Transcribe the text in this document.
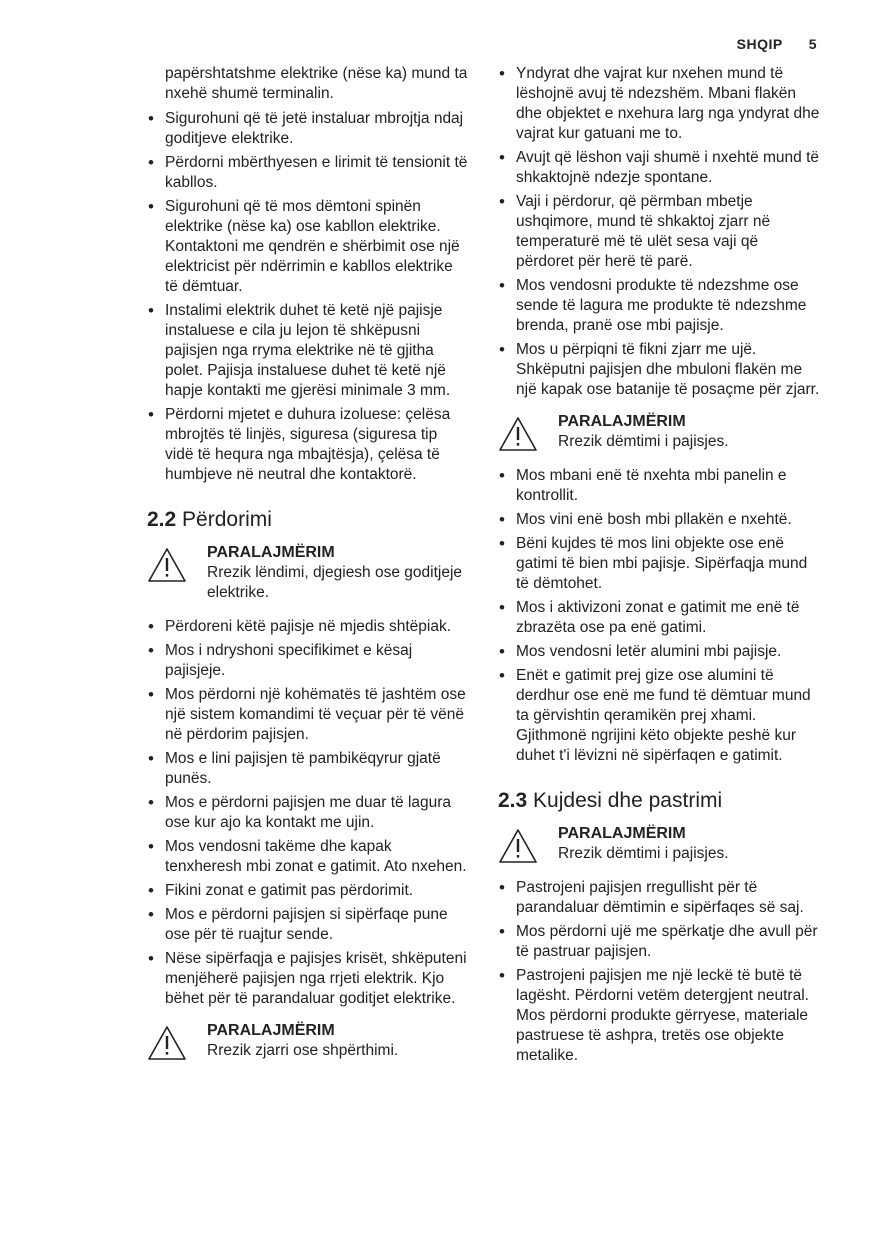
SHQIP 5

papërshtatshme elektrike (nëse ka) mund ta nxehë shumë terminalin.

• Sigurohuni që të jetë instaluar mbrojtja ndaj goditjeve elektrike.
• Përdorni mbërthyesen e lirimit të tensionit të kabllos.
• Sigurohuni që të mos dëmtoni spinën elektrike (nëse ka) ose kabllon elektrike. Kontaktoni me qendrën e shërbimit ose një elektricist për ndërrimin e kabllos elektrike të dëmtuar.
• Instalimi elektrik duhet të ketë një pajisje instaluese e cila ju lejon të shkëpusni pajisjen nga rryma elektrike në të gjitha polet. Pajisja instaluese duhet të ketë një hapje kontakti me gjerësi minimale 3 mm.
• Përdorni mjetet e duhura izoluese: çelësa mbrojtës të linjës, siguresa (siguresa tip vidë të hequra nga mbajtësja), çelësa të humbjeve në neutral dhe kontaktorë.
2.2 Përdorimi
PARALAJMËRIM
Rrezik lëndimi, djegiesh ose goditjeje elektrike.
• Përdoreni këtë pajisje në mjedis shtëpiak.
• Mos i ndryshoni specifikimet e kësaj pajisjeje.
• Mos përdorni një kohëmatës të jashtëm ose një sistem komandimi të veçuar për të vënë në përdorim pajisjen.
• Mos e lini pajisjen të pambikëqyrur gjatë punës.
• Mos e përdorni pajisjen me duar të lagura ose kur ajo ka kontakt me ujin.
• Mos vendosni takëme dhe kapak tenxheresh mbi zonat e gatimit. Ato nxehen.
• Fikini zonat e gatimit pas përdorimit.
• Mos e përdorni pajisjen si sipërfaqe pune ose për të ruajtur sende.
• Nëse sipërfaqja e pajisjes krisët, shkëputeni menjëherë pajisjen nga rrjeti elektrik. Kjo bëhet për të parandaluar goditjet elektrike.
PARALAJMËRIM
Rrezik zjarri ose shpërthimi.
• Yndyrat dhe vajrat kur nxehen mund të lëshojnë avuj të ndezshëm. Mbani flakën dhe objektet e nxehura larg nga yndyrat dhe vajrat kur gatuani me to.
• Avujt që lëshon vaji shumë i nxehtë mund të shkaktojnë ndezje spontane.
• Vaji i përdorur, që përmban mbetje ushqimore, mund të shkaktoj zjarr në temperaturë më të ulët sesa vaji që përdoret për herë të parë.
• Mos vendosni produkte të ndezshme ose sende të lagura me produkte të ndezshme brenda, pranë ose mbi pajisje.
• Mos u përpiqni të fikni zjarr me ujë. Shkëputni pajisjen dhe mbuloni flakën me një kapak ose batanije të posaçme për zjarr.
PARALAJMËRIM
Rrezik dëmtimi i pajisjes.
• Mos mbani enë të nxehta mbi panelin e kontrollit.
• Mos vini enë bosh mbi pllakën e nxehtë.
• Bëni kujdes të mos lini objekte ose enë gatimi të bien mbi pajisje. Sipërfaqja mund të dëmtohet.
• Mos i aktivizoni zonat e gatimit me enë të zbrazëta ose pa enë gatimi.
• Mos vendosni letër alumini mbi pajisje.
• Enët e gatimit prej gize ose alumini të derdhur ose enë me fund të dëmtuar mund ta gërvishtin qeramikën prej xhami. Gjithmonë ngrijini këto objekte peshë kur duhet t'i lëvizni në sipërfaqen e gatimit.
2.3 Kujdesi dhe pastrimi
PARALAJMËRIM
Rrezik dëmtimi i pajisjes.
• Pastrojeni pajisjen rregullisht për të parandaluar dëmtimin e sipërfaqes së saj.
• Mos përdorni ujë me spërkatje dhe avull për të pastruar pajisjen.
• Pastrojeni pajisjen me një leckë të butë të lagësht. Përdorni vetëm detergjent neutral. Mos përdorni produkte gërryese, materiale pastruese të ashpra, tretës ose objekte metalike.
